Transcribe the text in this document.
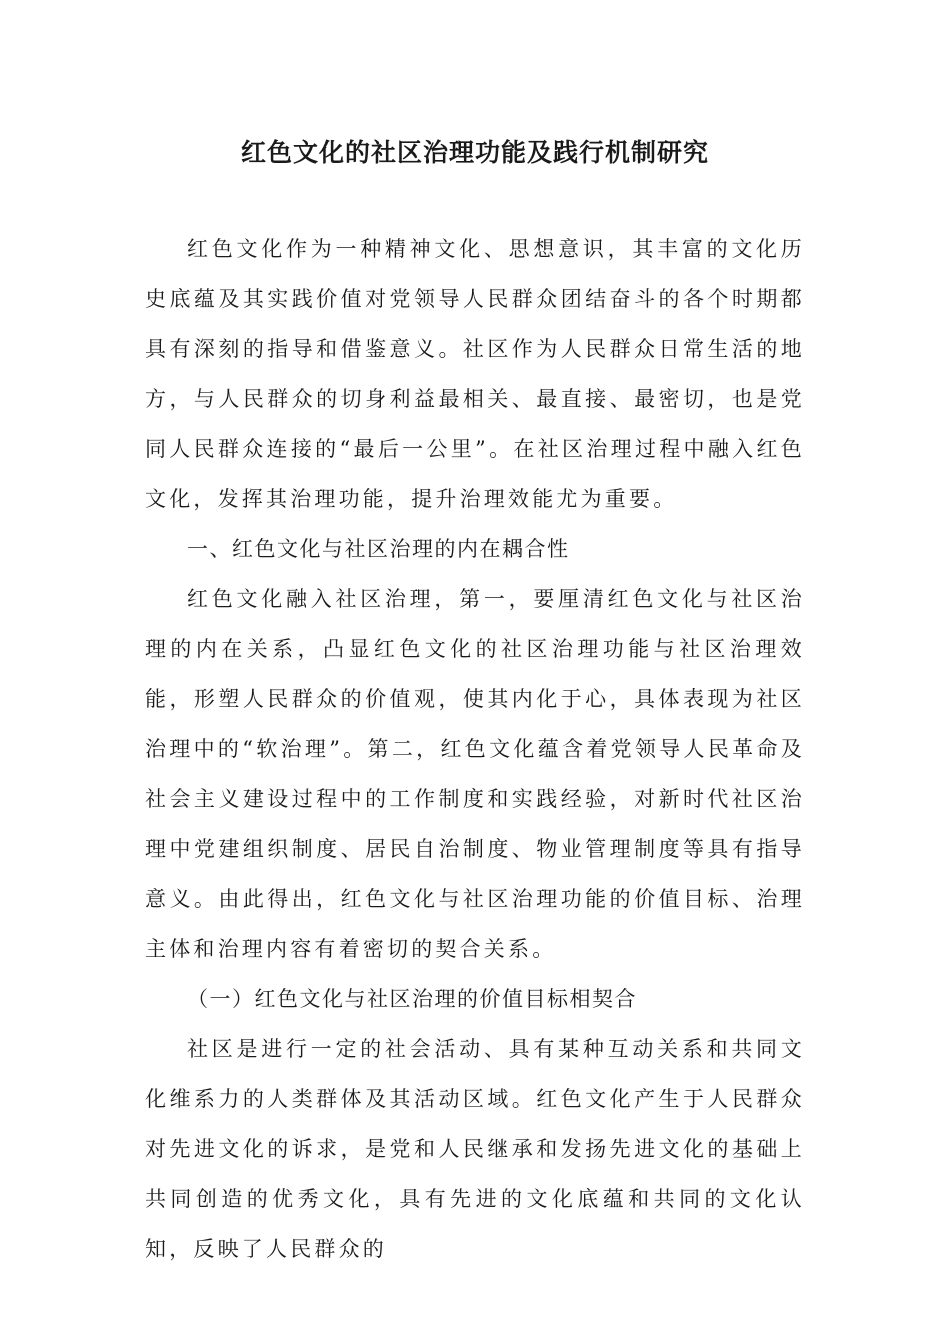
红色文化的社区治理功能及践行机制研究

红色文化作为一种精神文化、思想意识，其丰富的文化历史底蕴及其实践价值对党领导人民群众团结奋斗的各个时期都具有深刻的指导和借鉴意义。社区作为人民群众日常生活的地方，与人民群众的切身利益最相关、最直接、最密切，也是党同人民群众连接的“最后一公里”。在社区治理过程中融入红色文化，发挥其治理功能，提升治理效能尤为重要。

一、红色文化与社区治理的内在耦合性

红色文化融入社区治理，第一，要厘清红色文化与社区治理的内在关系，凸显红色文化的社区治理功能与社区治理效能，形塑人民群众的价值观，使其内化于心，具体表现为社区治理中的“软治理”。第二，红色文化蕴含着党领导人民革命及社会主义建设过程中的工作制度和实践经验，对新时代社区治理中党建组织制度、居民自治制度、物业管理制度等具有指导意义。由此得出，红色文化与社区治理功能的价值目标、治理主体和治理内容有着密切的契合关系。

（一）红色文化与社区治理的价值目标相契合

社区是进行一定的社会活动、具有某种互动关系和共同文化维系力的人类群体及其活动区域。红色文化产生于人民群众对先进文化的诉求，是党和人民继承和发扬先进文化的基础上共同创造的优秀文化，具有先进的文化底蕴和共同的文化认知，反映了人民群众的
